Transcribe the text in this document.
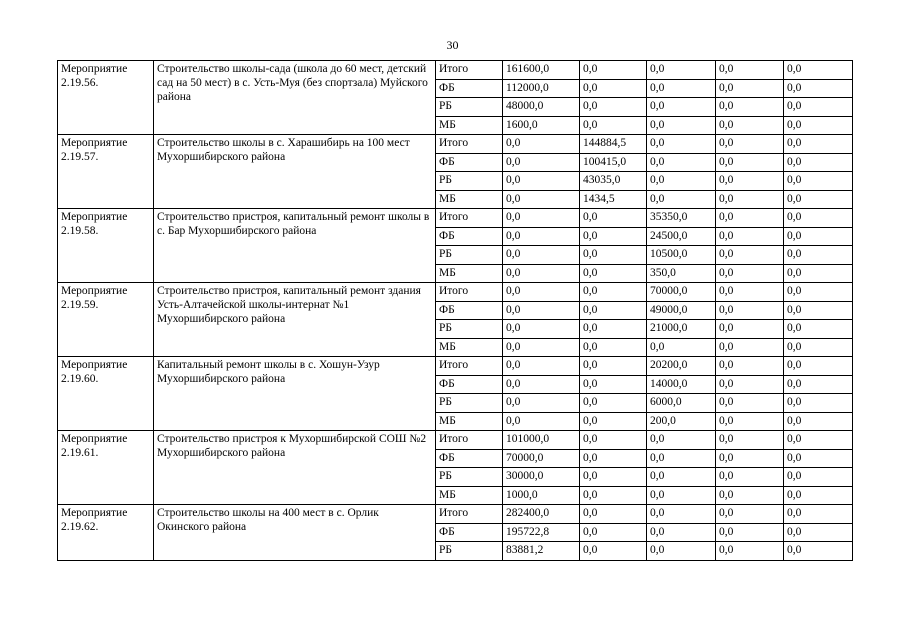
30
Мероприятие 2.19.56.	Строительство школы-сада (школа до 60 мест, детский сад на 50 мест) в с. Усть-Муя (без спортзала) Муйского района	Итого	161600,0	0,0	0,0	0,0	0,0
		ФБ	112000,0	0,0	0,0	0,0	0,0
		РБ	48000,0	0,0	0,0	0,0	0,0
		МБ	1600,0	0,0	0,0	0,0	0,0
Мероприятие 2.19.57.	Строительство школы в с. Харашибирь на 100 мест Мухоршибирского района	Итого	0,0	144884,5	0,0	0,0	0,0
		ФБ	0,0	100415,0	0,0	0,0	0,0
		РБ	0,0	43035,0	0,0	0,0	0,0
		МБ	0,0	1434,5	0,0	0,0	0,0
Мероприятие 2.19.58.	Строительство пристроя, капитальный ремонт школы в с. Бар Мухоршибирского района	Итого	0,0	0,0	35350,0	0,0	0,0
		ФБ	0,0	0,0	24500,0	0,0	0,0
		РБ	0,0	0,0	10500,0	0,0	0,0
		МБ	0,0	0,0	350,0	0,0	0,0
Мероприятие 2.19.59.	Строительство пристроя, капитальный ремонт здания Усть-Алтачейской школы-интернат №1 Мухоршибирского района	Итого	0,0	0,0	70000,0	0,0	0,0
		ФБ	0,0	0,0	49000,0	0,0	0,0
		РБ	0,0	0,0	21000,0	0,0	0,0
		МБ	0,0	0,0	0,0	0,0	0,0
Мероприятие 2.19.60.	Капитальный ремонт школы в с. Хошун-Узур Мухоршибирского района	Итого	0,0	0,0	20200,0	0,0	0,0
		ФБ	0,0	0,0	14000,0	0,0	0,0
		РБ	0,0	0,0	6000,0	0,0	0,0
		МБ	0,0	0,0	200,0	0,0	0,0
Мероприятие 2.19.61.	Строительство пристроя к Мухоршибирской СОШ №2 Мухоршибирского района	Итого	101000,0	0,0	0,0	0,0	0,0
		ФБ	70000,0	0,0	0,0	0,0	0,0
		РБ	30000,0	0,0	0,0	0,0	0,0
		МБ	1000,0	0,0	0,0	0,0	0,0
Мероприятие 2.19.62.	Строительство школы на 400 мест в с. Орлик Окинского района	Итого	282400,0	0,0	0,0	0,0	0,0
		ФБ	195722,8	0,0	0,0	0,0	0,0
		РБ	83881,2	0,0	0,0	0,0	0,0
